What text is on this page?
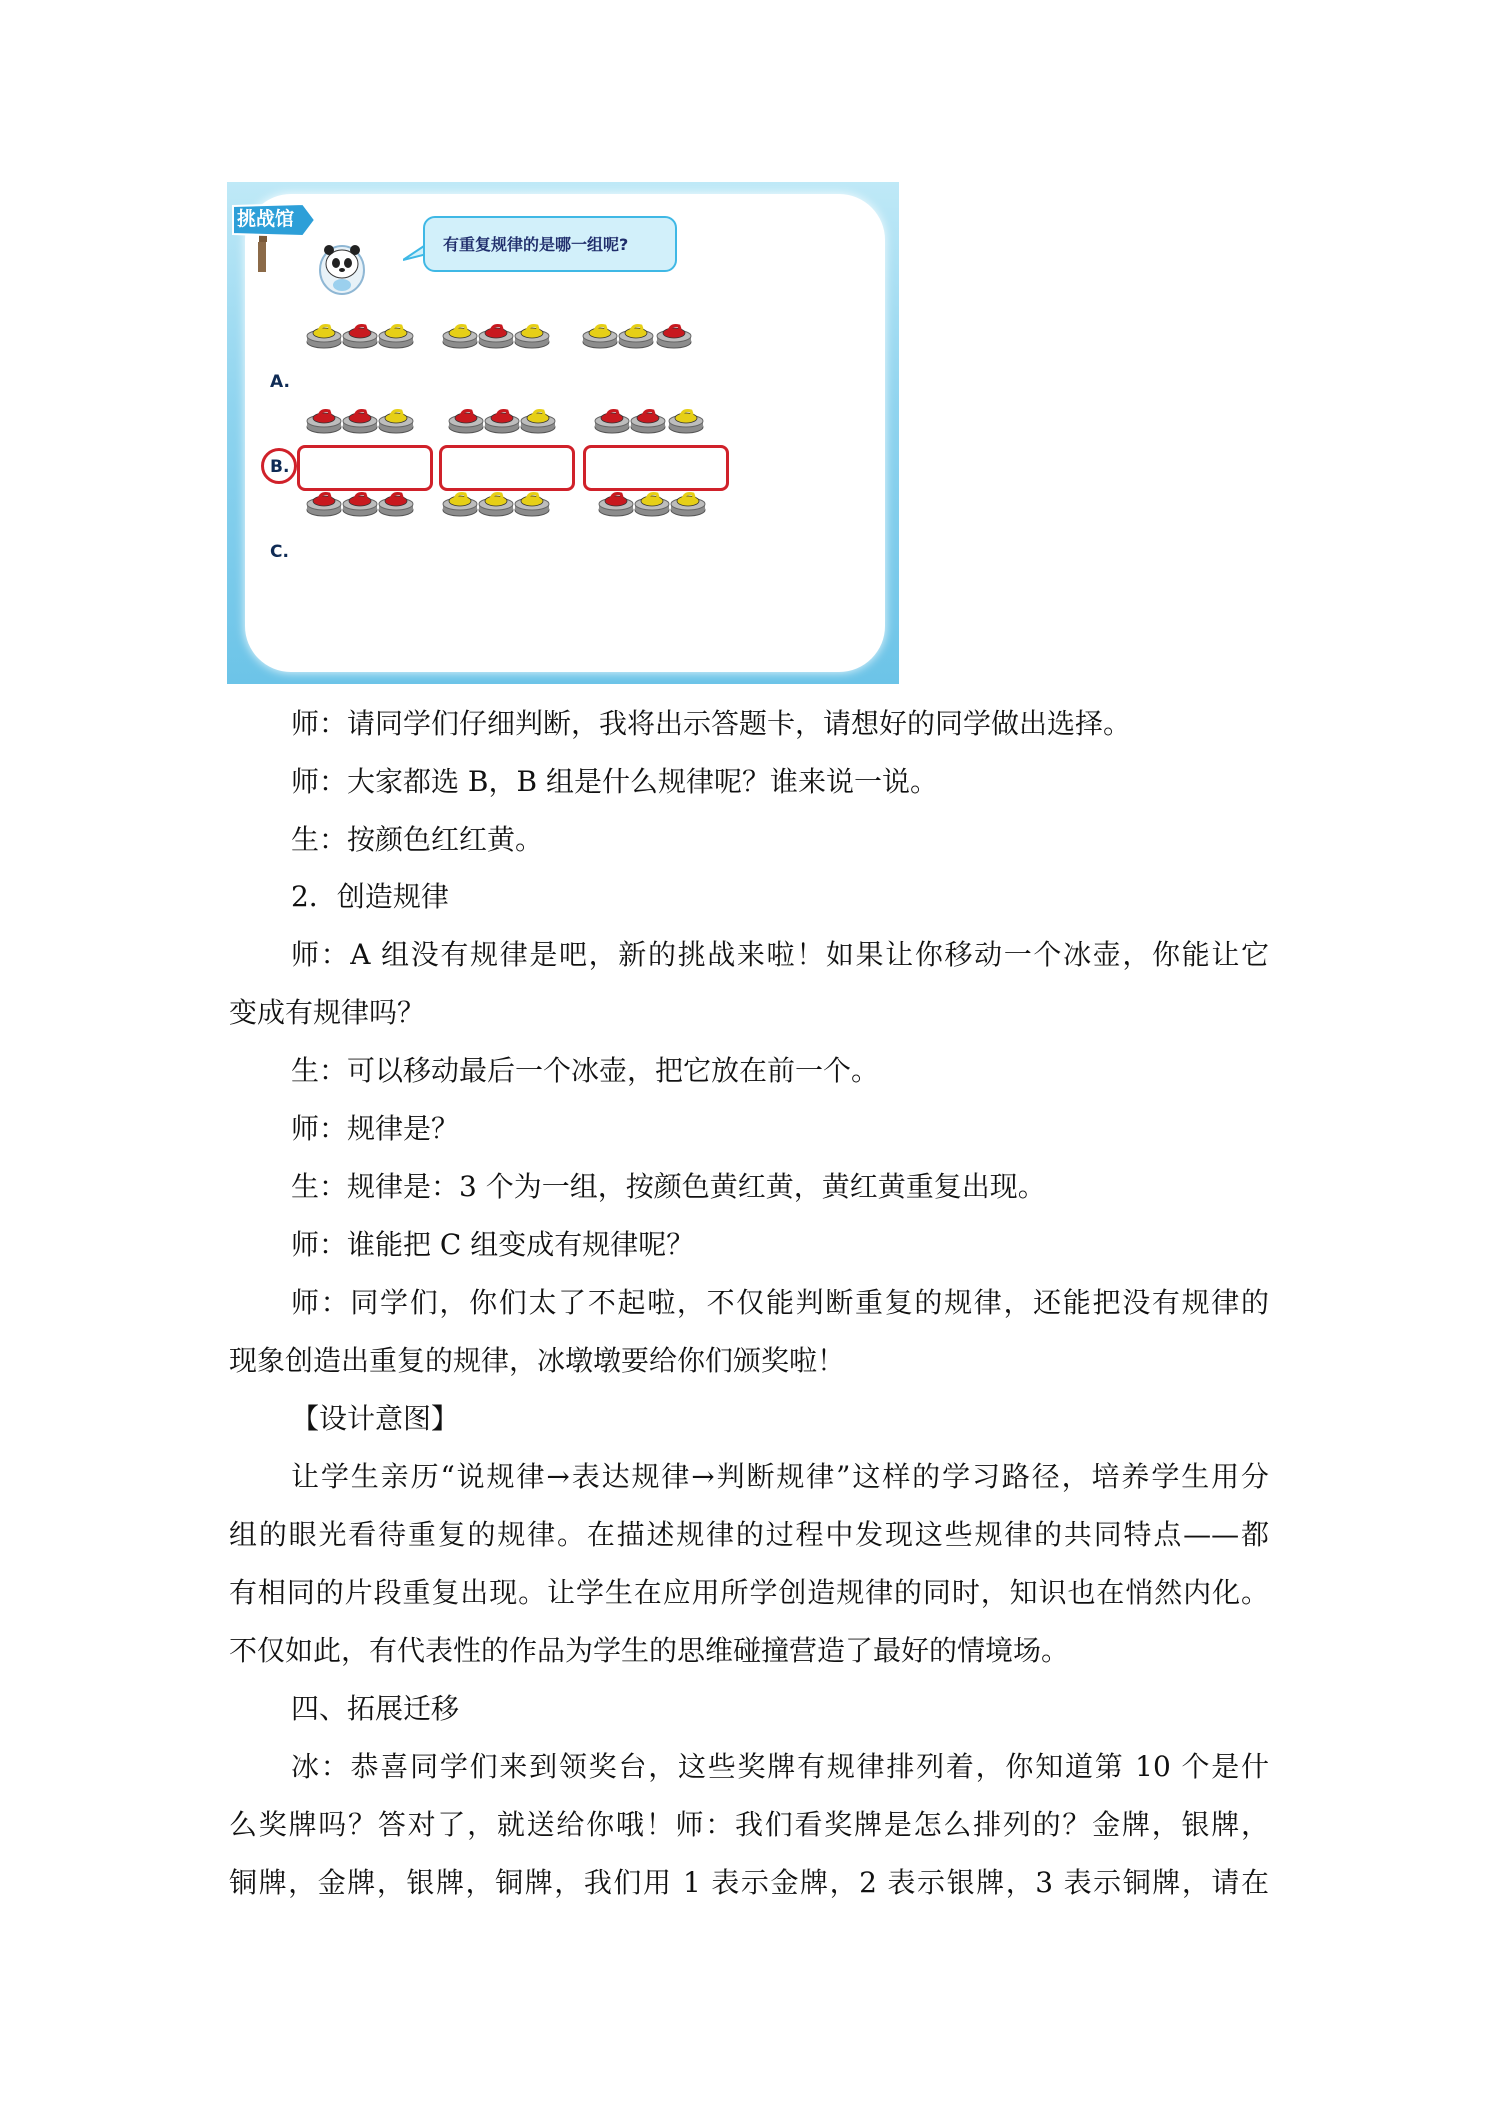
挑战馆
有重复规律的是哪一组呢?
A.
B.
C.

师：请同学们仔细判断，我将出示答题卡，请想好的同学做出选择。

师：大家都选 B，B 组是什么规律呢？谁来说一说。

生：按颜色红红黄。

2．创造规律

师：A 组没有规律是吧，新的挑战来啦！如果让你移动一个冰壶，你能让它

变成有规律吗？

生：可以移动最后一个冰壶，把它放在前一个。

师：规律是？

生：规律是：3 个为一组，按颜色黄红黄，黄红黄重复出现。

师：谁能把 C 组变成有规律呢？

师：同学们，你们太了不起啦，不仅能判断重复的规律，还能把没有规律的

现象创造出重复的规律，冰墩墩要给你们颁奖啦！

【设计意图】

让学生亲历“说规律→表达规律→判断规律”这样的学习路径，培养学生用分

组的眼光看待重复的规律。在描述规律的过程中发现这些规律的共同特点——都

有相同的片段重复出现。让学生在应用所学创造规律的同时，知识也在悄然内化。

不仅如此，有代表性的作品为学生的思维碰撞营造了最好的情境场。

四、拓展迁移

冰：恭喜同学们来到领奖台，这些奖牌有规律排列着，你知道第 10 个是什

么奖牌吗？答对了，就送给你哦！师：我们看奖牌是怎么排列的？金牌，银牌，

铜牌，金牌，银牌，铜牌，我们用 1 表示金牌，2 表示银牌，3 表示铜牌，请在
